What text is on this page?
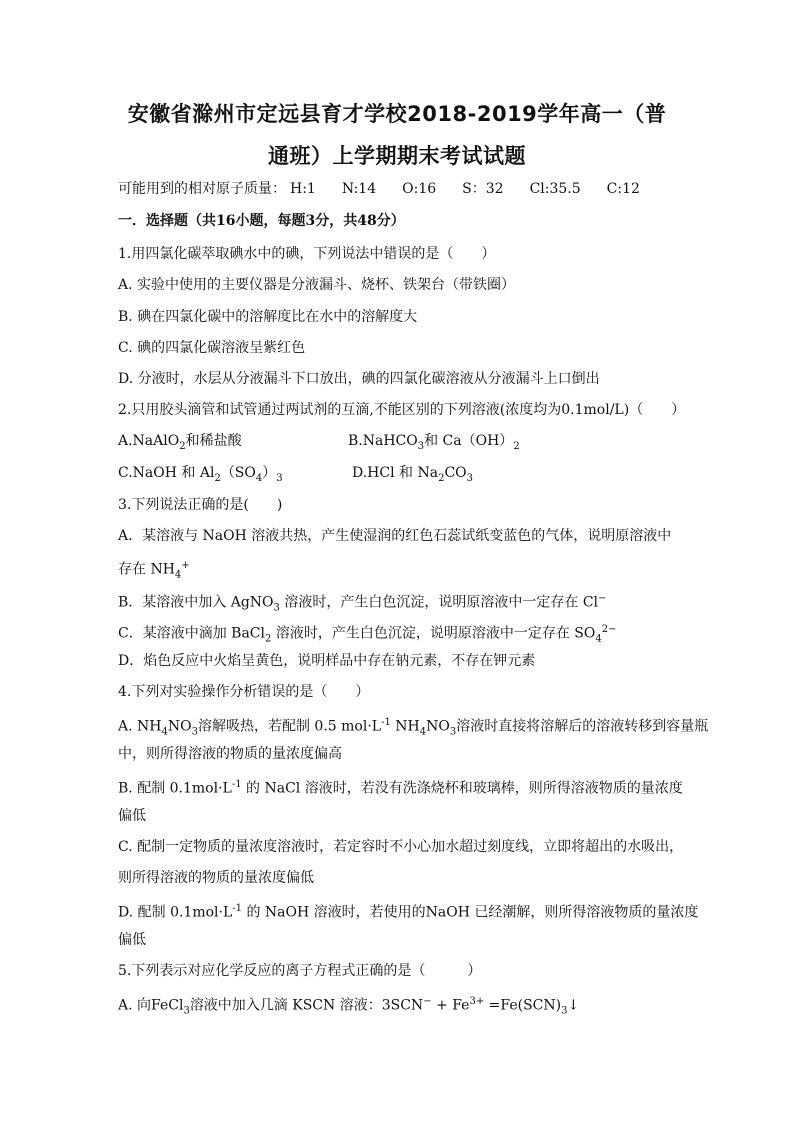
安徽省滁州市定远县育才学校2018-2019学年高一（普
通班）上学期期末考试试题
可能用到的相对原子质量： H:1 N:14 O:16 S：32 Cl:35.5 C:12
一．选择题（共16小题，每题3分，共48分）
1.用四氯化碳萃取碘水中的碘，下列说法中错误的是（　　）
A. 实验中使用的主要仪器是分液漏斗、烧杯、铁架台（带铁圈）
B. 碘在四氯化碳中的溶解度比在水中的溶解度大
C. 碘的四氯化碳溶液呈紫红色
D. 分液时，水层从分液漏斗下口放出，碘的四氯化碳溶液从分液漏斗上口倒出
2.只用胶头滴管和试管通过两试剂的互滴,不能区别的下列溶液(浓度均为0.1mol/L)（　　）
A.NaAlO$_2$和稀盐酸	B.NaHCO$_3$和 $Ca(OH)_2$
C.NaOH 和 $Al_2(SO_4)_3$	D.HCl 和 $Na_2CO_3$
3.下列说法正确的是(　　)
A．某溶液与 NaOH 溶液共热，产生使湿润的红色石蕊试纸变蓝色的气体，说明原溶液中
存在 $NH_4^+$
B．某溶液中加入 AgNO$_3$ 溶液时，产生白色沉淀，说明原溶液中一定存在 Cl−
C．某溶液中滴加 BaCl$_2$ 溶液时，产生白色沉淀，说明原溶液中一定存在 $SO_4^{2-}$
D．焰色反应中火焰呈黄色，说明样品中存在钠元素，不存在钾元素
4.下列对实验操作分析错误的是（　　）
A. $NH_4NO_3$溶解吸热，若配制 0.5 $mol\cdot L^{-1}$ $NH_4NO_3$溶液时直接将溶解后的溶液转移到容量瓶
中，则所得溶液的物质的量浓度偏高
B. 配制 $0.1mol\cdot L^{-1}$ 的 NaCl 溶液时，若没有洗涤烧杯和玻璃棒，则所得溶液物质的量浓度
偏低
C. 配制一定物质的量浓度溶液时，若定容时不小心加水超过刻度线，立即将超出的水吸出，
则所得溶液的物质的量浓度偏低
D. 配制 $0.1mol\cdot L^{-1}$ 的 NaOH 溶液时，若使用的NaOH 已经潮解，则所得溶液物质的量浓度
偏低
5.下列表示对应化学反应的离子方程式正确的是（　　　）
A. 向FeCl$_3$溶液中加入几滴 KSCN 溶液：$3SCN^- + Fe^{3+}$ $=Fe(SCN)_3↓$
